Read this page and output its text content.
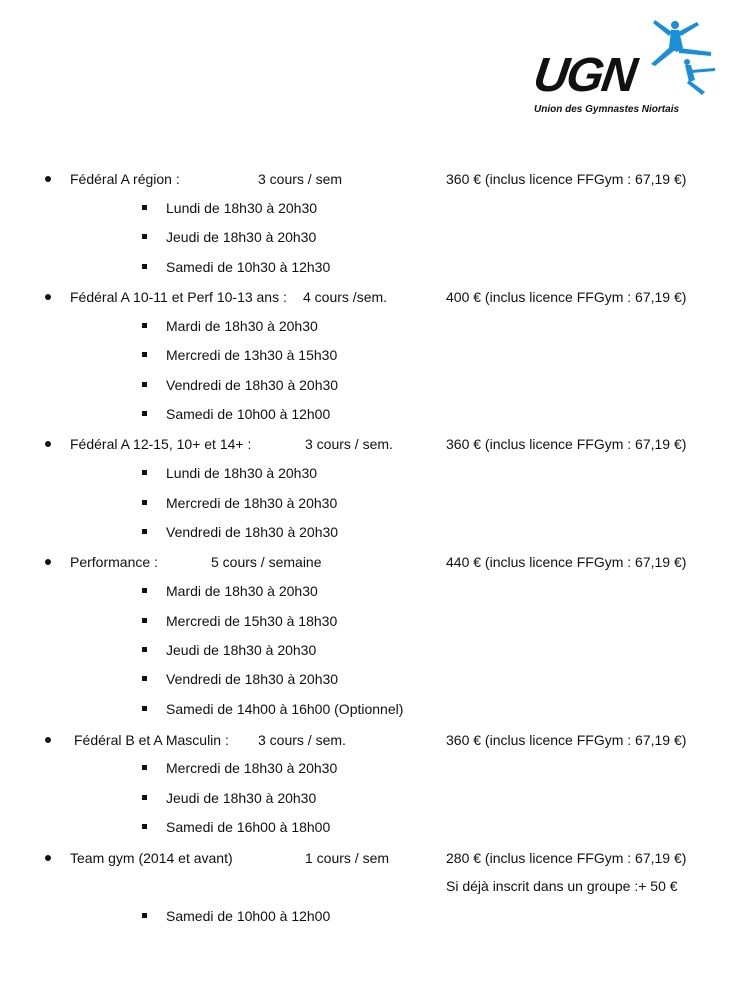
UGN
Union des Gymnastes Niortais
Fédéral A région :	3 cours / sem	360 € (inclus licence FFGym : 67,19 €)
Lundi de 18h30 à 20h30
Jeudi de 18h30 à 20h30
Samedi de 10h30 à 12h30
Fédéral A 10-11 et Perf 10-13 ans : 4 cours /sem.	400 € (inclus licence FFGym : 67,19 €)
Mardi de 18h30 à 20h30
Mercredi de 13h30 à 15h30
Vendredi de 18h30 à 20h30
Samedi de 10h00 à 12h00
Fédéral A 12-15, 10+ et 14+ :	3 cours / sem.	360 € (inclus licence FFGym : 67,19 €)
Lundi de 18h30 à 20h30
Mercredi de 18h30 à 20h30
Vendredi de 18h30 à 20h30
Performance :	5 cours / semaine	440 € (inclus licence FFGym : 67,19 €)
Mardi de 18h30 à 20h30
Mercredi de 15h30 à 18h30
Jeudi de 18h30 à 20h30
Vendredi de 18h30 à 20h30
Samedi de 14h00 à 16h00 (Optionnel)
Fédéral B et A Masculin : 3 cours / sem.	360 € (inclus licence FFGym : 67,19 €)
Mercredi de 18h30 à 20h30
Jeudi de 18h30 à 20h30
Samedi de 16h00 à 18h00
Team gym (2014 et avant)	1 cours / sem	280 € (inclus licence FFGym : 67,19 €)
Si déjà inscrit dans un groupe :+ 50 €
Samedi de 10h00 à 12h00
